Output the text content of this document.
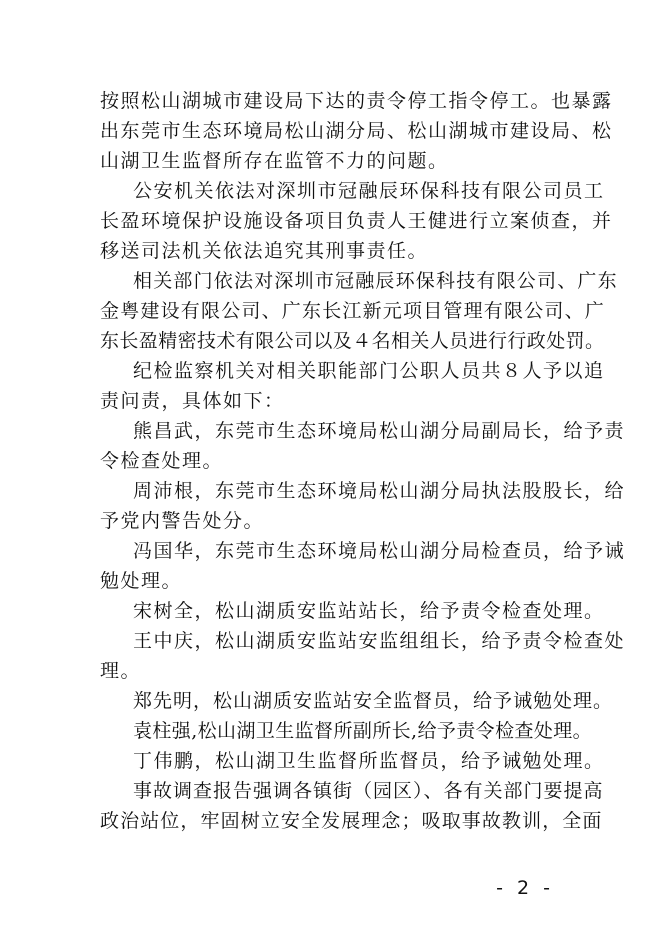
按照松山湖城市建设局下达的责令停工指令停工。也暴露
出东莞市生态环境局松山湖分局、松山湖城市建设局、松
山湖卫生监督所存在监管不力的问题。
公安机关依法对深圳市冠融辰环保科技有限公司员工
长盈环境保护设施设备项目负责人王健进行立案侦查，并
移送司法机关依法追究其刑事责任。
相关部门依法对深圳市冠融辰环保科技有限公司、广东
金粤建设有限公司、广东长江新元项目管理有限公司、广
东长盈精密技术有限公司以及４名相关人员进行行政处罚。
纪检监察机关对相关职能部门公职人员共８人予以追
责问责，具体如下：
熊昌武，东莞市生态环境局松山湖分局副局长，给予责
令检查处理。
周沛根，东莞市生态环境局松山湖分局执法股股长，给
予党内警告处分。
冯国华，东莞市生态环境局松山湖分局检查员，给予诫
勉处理。
宋树全，松山湖质安监站站长，给予责令检查处理。
王中庆，松山湖质安监站安监组组长，给予责令检查处
理。
郑先明，松山湖质安监站安全监督员，给予诫勉处理。
袁柱强,松山湖卫生监督所副所长,给予责令检查处理。
丁伟鹏，松山湖卫生监督所监督员，给予诫勉处理。
事故调查报告强调各镇街（园区）、各有关部门要提高
政治站位，牢固树立安全发展理念；吸取事故教训，全面
- 2 -
